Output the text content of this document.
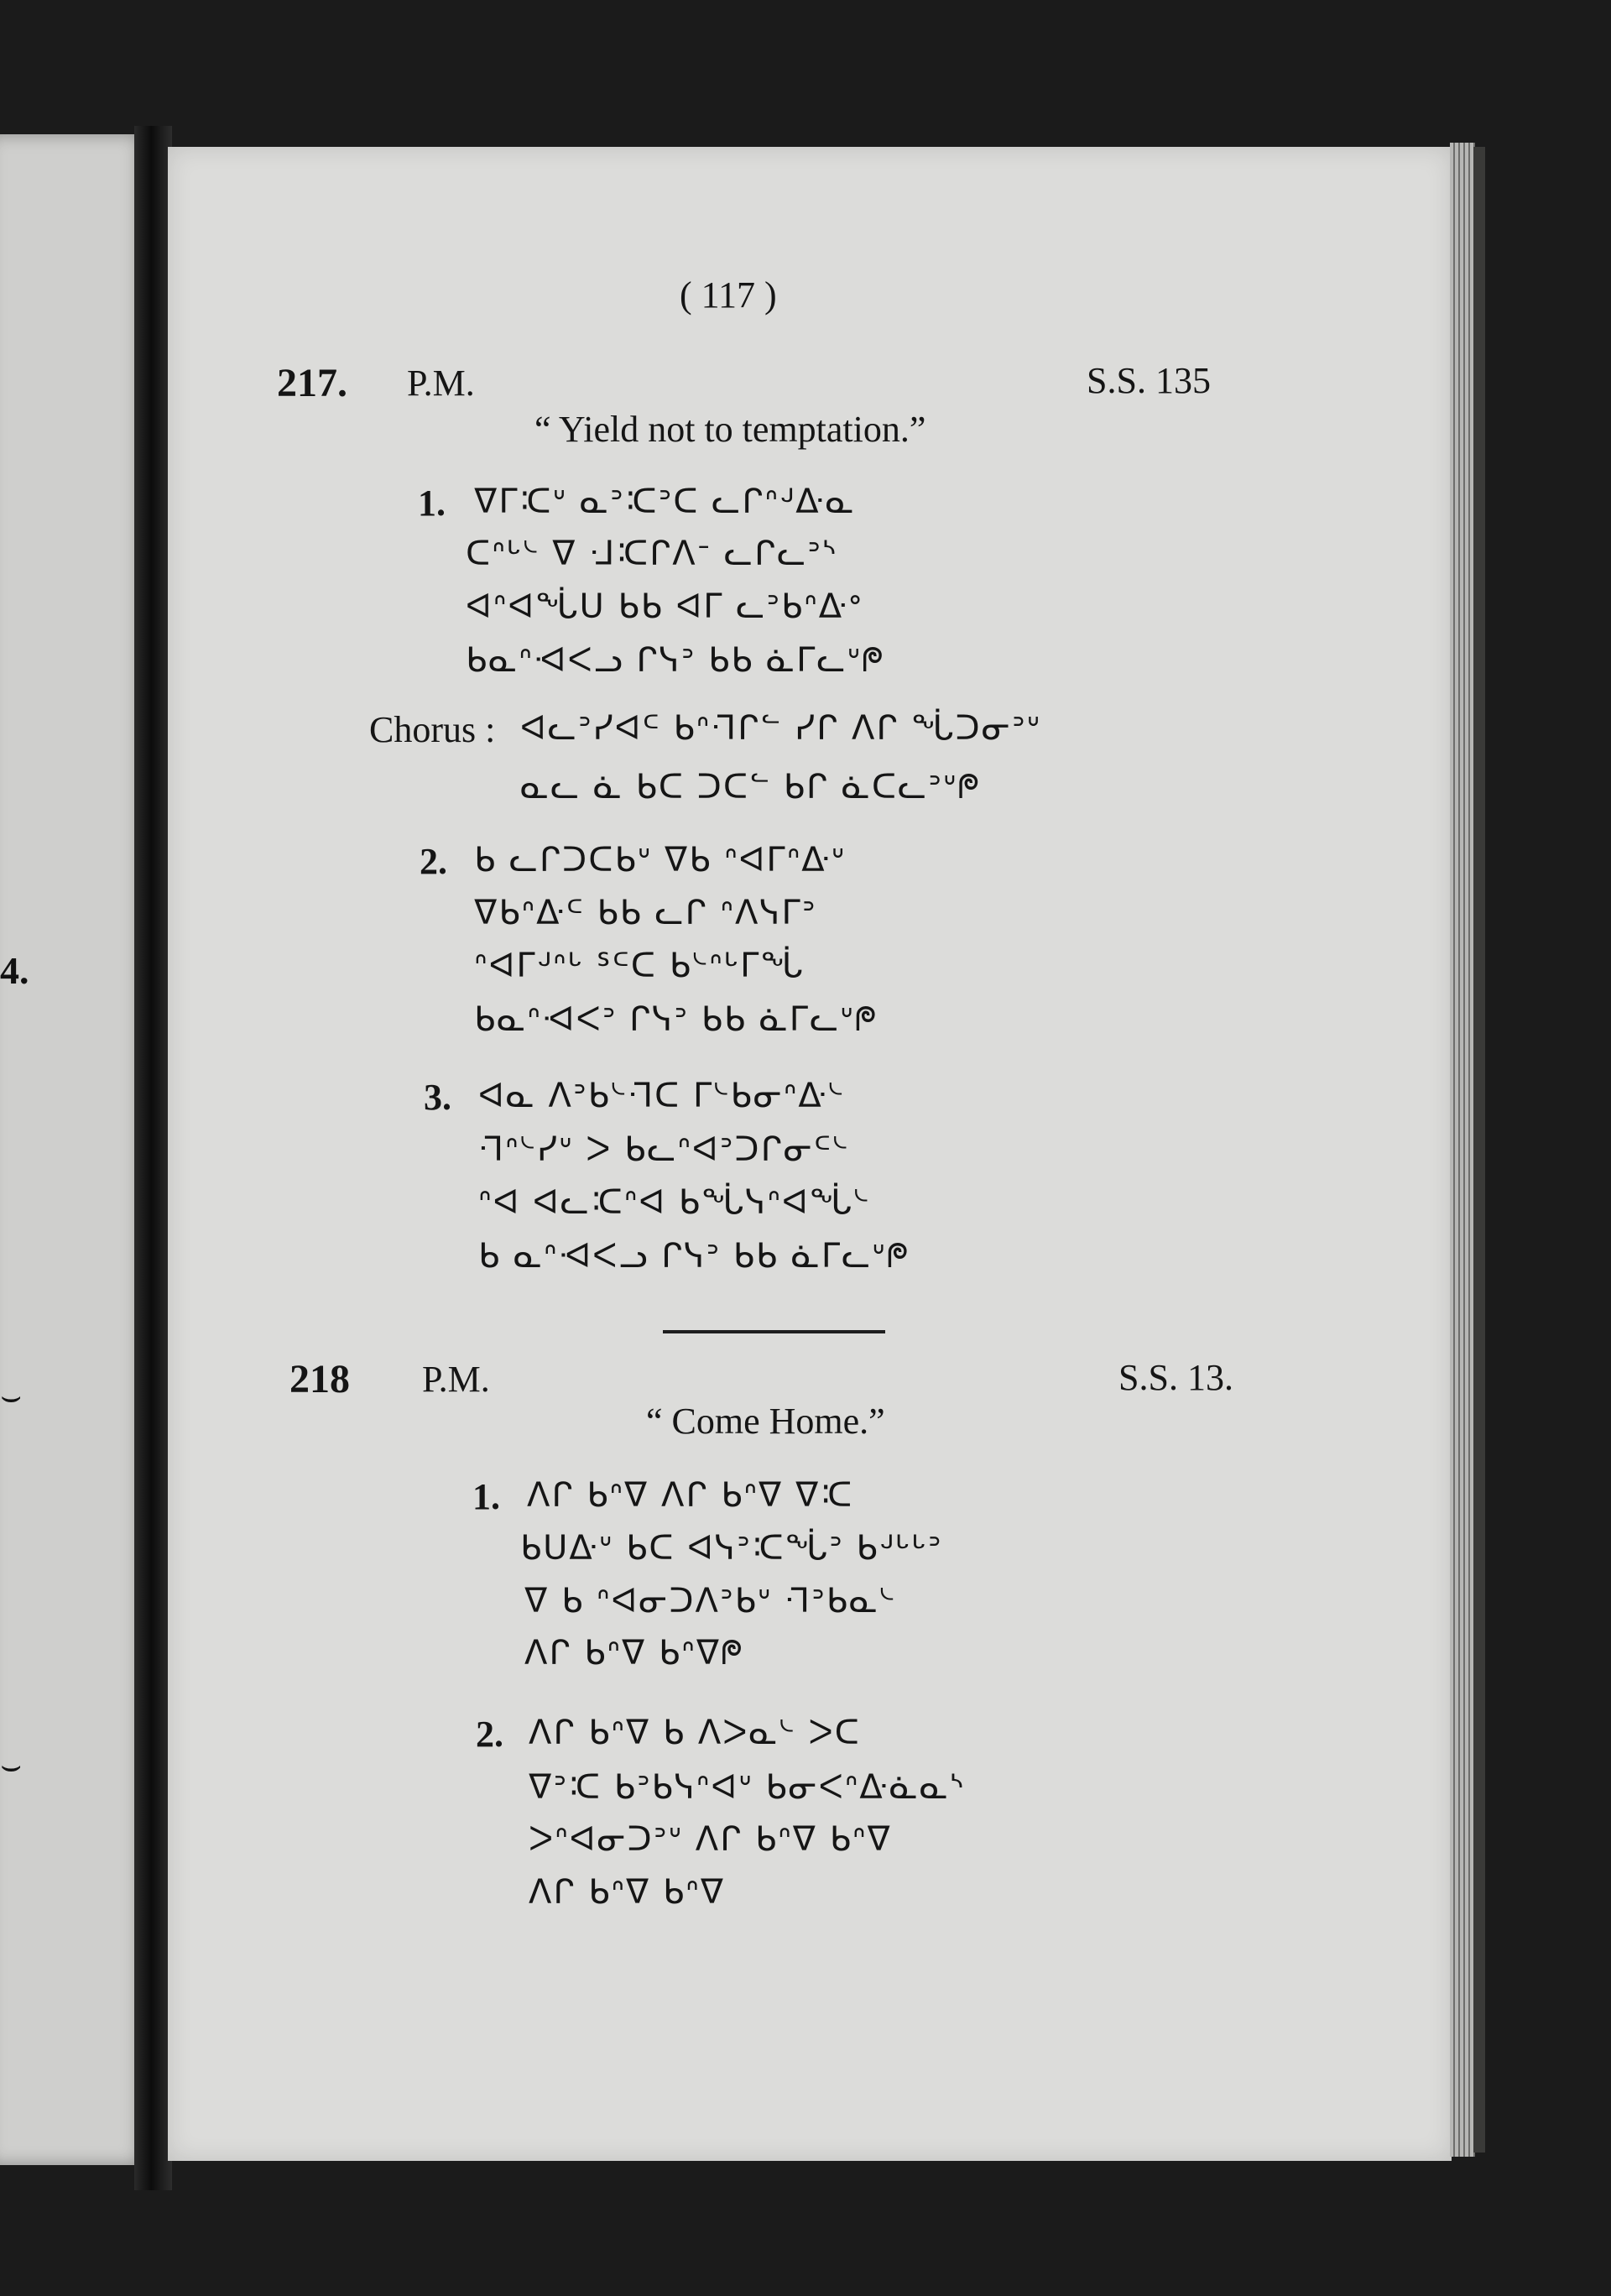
4.
⌣
⌣
( 117 )
217. P.M.	S.S. 135
“ Yield not to temptation.”
1. ᐁᒥᑥᐡ ᓇᐣᑥᐣᑕ ᓚᒋᐢᒢᐏᓇ
ᑕᐢᒡᔈ ᐁ ᒲᑥᒋᐱᐨ ᓚᒋᓚᐣᔅ
ᐊᐢᐊᖔᑌ ᑲᑲ ᐊᒥ ᓚᐣᑲᐢᐏᐤ
ᑲᓇᐢᐗᐸᓗ ᒋᓭᐣ ᑲᑲ ᓈᒥᓚᐡᖘ
Chorus : ᐊᓚᐣᓯᐊᒼ ᑲᐢᒬᒋᓪ ᓯᒋ ᐱᒋ ᖔᑐᓂᐣᐡ
ᓇᓚ ᓈ ᑲᑕ ᑐᑕᓪ ᑲᒋ ᓈᑕᓚᐣᐡᖘ
2. ᑲ ᓚᒋᑐᑕᑲᐡ ᐁᑲ ᐢᐊᒥᐢᐏᐡ
ᐁᑲᐢᐏᒼ ᑲᑲ ᓚᒋ ᐢᐱᓭᒥᐣ
ᐢᐊᒥᒢᐢᒡ ᔆᒼᑕ ᑲᔈᐢᒡᒥᖔ
ᑲᓇᐢᐗᐸᐣ ᒋᓭᐣ ᑲᑲ ᓈᒥᓚᐡᖘ
3. ᐊᓇ ᐱᐣᑲᔈᒬᑕ ᒥᔈᑲᓂᐢᐏᔈ
ᒬᐢᔈᓯᐡ ᐳ ᑲᓚᐢᐊᐣᑐᒋᓂᒼᔈ
ᐢᐊ ᐊᓚᑥᐢᐊ ᑲᖔᓭᐢᐊᖔᔈ
ᑲ ᓇᐢᐗᐸᓗ ᒋᓭᐣ ᑲᑲ ᓈᒥᓚᐡᖘ
218 P.M.	S.S. 13.
“ Come Home.”
1. ᐱᒋ ᑲᐢᐁ ᐱᒋ ᑲᐢᐁ ᐁᑥ
ᑲᑌᐏᐡ ᑲᑕ ᐊᓭᐣᑥᖔᐣ ᑲᒢᒡᒡᐣ
ᐁ ᑲ ᐢᐊᓂᑐᐱᐣᑲᐡ ᒬᐣᑲᓇᔈ
ᐱᒋ ᑲᐢᐁ ᑲᐢᐁᖘ
2. ᐱᒋ ᑲᐢᐁ ᑲ ᐱᐳᓇᔈ ᐳᑕ
ᐁᐣᑥ ᑲᐣᑲᓭᐢᐊᐡ ᑲᓂᐸᐢᐏᓈᓇᔅ
ᐳᐢᐊᓂᑐᐣᐡ ᐱᒋ ᑲᐢᐁ ᑲᐢᐁ
ᐱᒋ ᑲᐢᐁ ᑲᐢᐁ
